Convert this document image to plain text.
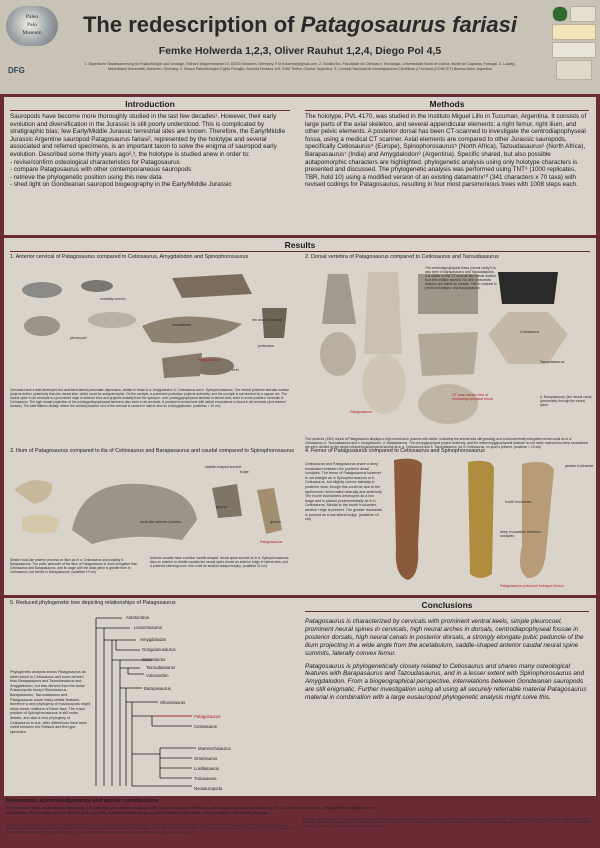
Paleo
Palo
Museum
DFG
The redescription of Patagosaurus fariasi
Femke Holwerda 1,2,3, Oliver Rauhut 1,2,4, Diego Pol 4,5
1. Bayerische Staatssammlung für Paläontologie und Geologie, Richard Wagnerstrasse 10, 80333 München, Germany. F.M.Holwerda@gmail.com. 2. GeoBioTec, Faculdade de Ciências e Tecnologia, Universidade Nova de Lisboa, Monte de Caparica, Portugal. 3. Ludwig-Maximilians Universität, München, Germany. 4. Museo Paleontológico Egidio Feruglio, Avenida Fontana 140, 9100 Trelew, Chubut, Argentina. 5. Consejo Nacional de Investigaciones Científicas y Técnicas (CONICET) Buenos Aires, Argentina
Introduction

Sauropods have become more thoroughly studied in the last few decades¹. However, their early evolution and diversification in the Jurassic is still poorly understood. This is complicated by stratigraphic bias; few Early/Middle Jurassic terrestrial sites are known. Therefore, the Early/Middle Jurassic Argentine sauropod Patagosaurus fariasi², represented by the holotype and several associated and referred specimens, is an important taxon to solve the enigma of sauropod early evolution. Described some thirty years ago²,³, the holotype is studied anew in order to:

- revise/confirm osteological characteristics for Patagosaurus

- compare Patagosaurus with other contemporaneous sauropods

- retrieve the phylogenetic position using this new data

- shed light on Gondwanan sauropod biogeography in the Early/Middle Jurassic

Methods

The holotype, PVL 4170, was studied in the Instituto Miguel Lillo in Tucuman, Argentina. It consists of large parts of the axial skeleton, and several appendicular elements; a right femur, right ilium, and other pelvic elements. A posterior dorsal has been CT-scanned to investigate the centrodiapophyseal fossa, using a medical CT scanner. Axial elements are compared to other Jurassic sauropods, specifically Cetiosaurus⁴ (Europe), Spinophorosaurus⁵ (North Africa), Tazoudasaurus⁶ (North Africa), Barapasaurus⁷ (India) and Amygdalodon⁸ (Argentina). Specific shared, but also possible autapomorphic characters are highlighted. phylogenetic analysis using only holotype characters is presented and discussed. The phylogenetic analysis was performed using TNT⁹ (1000 replicates, TBR, hold 10) using a modified version of an existing datamatrix¹⁰ (341 characters x 70 taxa) with revised codings for Patagosaurus, resulting in four most parsimonious trees with 1008 steps each.

Results
1. Anterior cervical of Patagosaurus compared to Cetiosaurus, Amygdalodon and Spinophorosaurus
ventrally convex
pleurocoel
excavations
rim around condyle
protrusion
keel
Patagosaurus
Cervicals have a well-developed but undivided lateral pneumatic depression, similar to those in a. Amygdalodon b. Cetiosaurus and c. Spinophorosaurus. The ventral posterior articular surface projects further posteriorly than the dorsal side, which could be autapomorphic. On the condyle, a prominent protrusion projects anteriorly, and the condyle is surrounded by a rugose rim. The neural spine in all cervicals is a prominent ridge in anterior view and projects dorsally from the spinopre- and -postzygapophyseal laminae in lateral view, seen in some posterior cervicals in Cetiosaurus. The high dorsal projection of the postzygodiapophyseal lamina is also seen in all cervicals. A prominent ventral keel with lateral excavations is found in all cervicals (and anterior dorsals). The keel flattens distally, where the ventral posterior end of the cervical is convex in lateral view as in Amygdalodon. (scalebar = 10 cm)
2. Dorsal vertebra of Patagosaurus compared to Cetiosaurus and Tazoudasaurus
The centrodiapophyseal fossa (neural cavity?) is also seen in Barapasaurus and Tazoudasaurus. It is visible on the CT scan as two fossae divided by a thin midline septum. No other pneumatic features are visible on dorsals. This in contrast to previous findings¹¹ and Barapasaurus.
CT scan dorsal view of centrodiapophyseal fossa
Cetiosaurus
Tazoudasaurus
Patagosaurus
A. Barapasaurus: (the neural cavity (pneumatic) through the neural spine.
The posterior (13th) dorsal of Patagosaurus displays a high neural arch (sutures still visible, indicating the animal was still growing) and a dorsoventrally elongated neural canal as in a. Cetiosaurus, b. Tazoudasaurus and c. Amygdalodon, d. Barapasaurus. The prezygapophysis project anteriorly, and the interprezygapophyseal laminae do not meet; instead two deep excavations are seen divided by the single intraprezygapophyseal lamina as in a. Cetiosaurus and b. Tazoudasaurus. As in Cetiosaurus, no spdl is present. (scalebar = 10 cm)
3. Ilium of Patagosaurus compared to ilia of Cetiosaurus and Barapasaurus and caudal compared to Spinophorosaurus
saddle-shaped summit
bulge
hook-like anterior process
groove
groove
Patagosaurus
Similar hook-like anterior process on ilium as in a. Cetiosaurus and possibly b. Barapasaurus. The pubic peduncle of the ilium of Patagosaurus is more elongated than Cetiosaurus and Barapasaurus, and its angle with the axial plane is greater than in Cetiosaurus, but similar to Barapasaurus. (scalebar 10 cm)
Anterior caudals have a similar 'saddle-shaped' neural spine summit as in a. Spinophorosaurus. Also on anterior to middle caudals the neural spine shows an anterior bulge in lateral view, and a posterior lateral groove, this could be another autapomorphy. (scalebar 10 cm)
4. Femur of Patagosaurus compared to Cetiosaurus and Spinophorosaurus
Cetiosaurus and Patagosaurus share a deep excavation between the posterior distal condyles. The femur of Patagosaurus however is not straight as in Spinophorosaurus or b. Cetiosaurus, but slightly convex laterally in posterior view, though this could be due to the taphonomic deformation laterally and anteriorly. The fourth trochanters developed as a low bulge and is placed posteromedially as in b. Cetiosaurus. Medial to the fourth trochanter, another ridge is present. The greater trochanter is present as a low lateral bulge. (scalebar 10 cm)
greater trochanter
fourth trochanter
deep excavation between condyles
Patagosaurus (mirrored holotype femur)
5. Reduced phylogenetic tree depicting relationships of Patagosaurus
Phylogenetic analysis shows Patagosaurus as sister-taxon to Cetiosaurus and more derived than Barapasaurus and Tazoudasaurus and Amygdalodon, but less derived than the Asian Eusauropods except Shunosaurus. Barapasaurus, Tazoudasaurus and Patagosaurus share many similar features, therefore a new phylogeny of eusauropods might show closer relations of these taxa. The exact position of Spinophorosaurus is still under debate, and also a new phylogeny of Cetiosaurus is due, after differences have been noted between the Rutland and the type specimen.
Antetonitrus
Lessemsaurus
Amygdalodon
Gongxianosaurus
Isanosaurus
Tazoudasaurus
Vulcanodon
Barapasaurus
Shunosaurus
Patagosaurus
Cetiosaurus
Mamenchisaurus
Omeisaurus
Losillasaurus
Turiasaurus
Neosauropoda
Conclusions

Patagosaurus is characterized by cervicals with prominent ventral keels, simple pleurocoel, prominent neural spines in cervicals, high neural arches in dorsals, centrodiapophyseal fossae in posterior dorsals, high neural canals in posterior dorsals, a strongly elongate pubic peduncle of the ilium projecting in a wide angle from the acetabulum, saddle-shaped anterior caudal neural spine summits, laterally convex femur.

Patagosaurus is phylogenetically closely related to Cetiosaurus and shares many osteological features with Barapasaurus and Tazoudasaurus, and in a lesser extent with Spinophorosaurus and Amygdalodon. From a biogeographical perspective, interrelations between Gondwanan sauropods are still enigmatic. Further investigation using all using all securely referrable material Patagosaurus material in combination with a large eusauropod phylogenetic analysis might solve this.

References, acknowledgements and author contributions
FH: collection visits, anatomy and taxonomy, CT scanning, phylogenetic analysis. OR: research concept, collection visit support, discussions, anatomy. DP: collection visit support, phylogenetic analysis support, discussions. FH is funded by DFG RA 1012/13-1 (to OR). Acknowledgements go to Jaime Powell, Ralf Kosma, Jose Carballido, Will Hennig Society.
1 Mannion et al. 2011, Mannion & Upchurch... 2. Bonaparte, J.F. 1979. Dinosaurs: A Jurassic assemblage from Patagonia. Science 205: 1377-1379. doi:10.1126/science.205.4413.1377. 3 Bonaparte J.F. 1986 Les Dinosaures (Carnosaures, Allosauridés, Sauropodes, Cétiosauridés) du Jurassique Moyen de Cerro Cóndor (Chubut, Argentina). Ann. Paleontologie 72: 247-289. 4 Upchurch, P. & Martin, J. 2003. The anatomy and taxonomy of Cetiosaurus (Saurischia, Sauropoda) from the Middle Jurassic of England. JVP 23:208-231. 5 Remes, K. et al. 2009 A new basal sauropod dinosaur from the Middle Jurassic of Niger. PLoS One 4: e6924.
6. Allain R., Aquesbi N., Dejax J., Meyer C., Monbaron M., et al. (2004) A basal sauropod dinosaur from the Early Jurassic of Morocco. Comptes Rendus Palevol 3: 199-208. 7. Bandyopadhyay, S., Gillette, D.D., Ray, S., Sengupta, D. P. (2010) Osteology of Barapasaurus tagorei (Dinosauria: Sauropoda) from the Early Jurassic of India. Palaeontology 53: 533-569. 8. Rauhut (2003) Revision of Amygdalodon patagonicus Cabrera, 1947. 9. Goloboff P., Farris J., & Nixon, K. (2008) TNT. 10. Carballido, J.L. & Pol, D. 11. Bonaparte. Dorsal Vertebra Patagosaurus.
